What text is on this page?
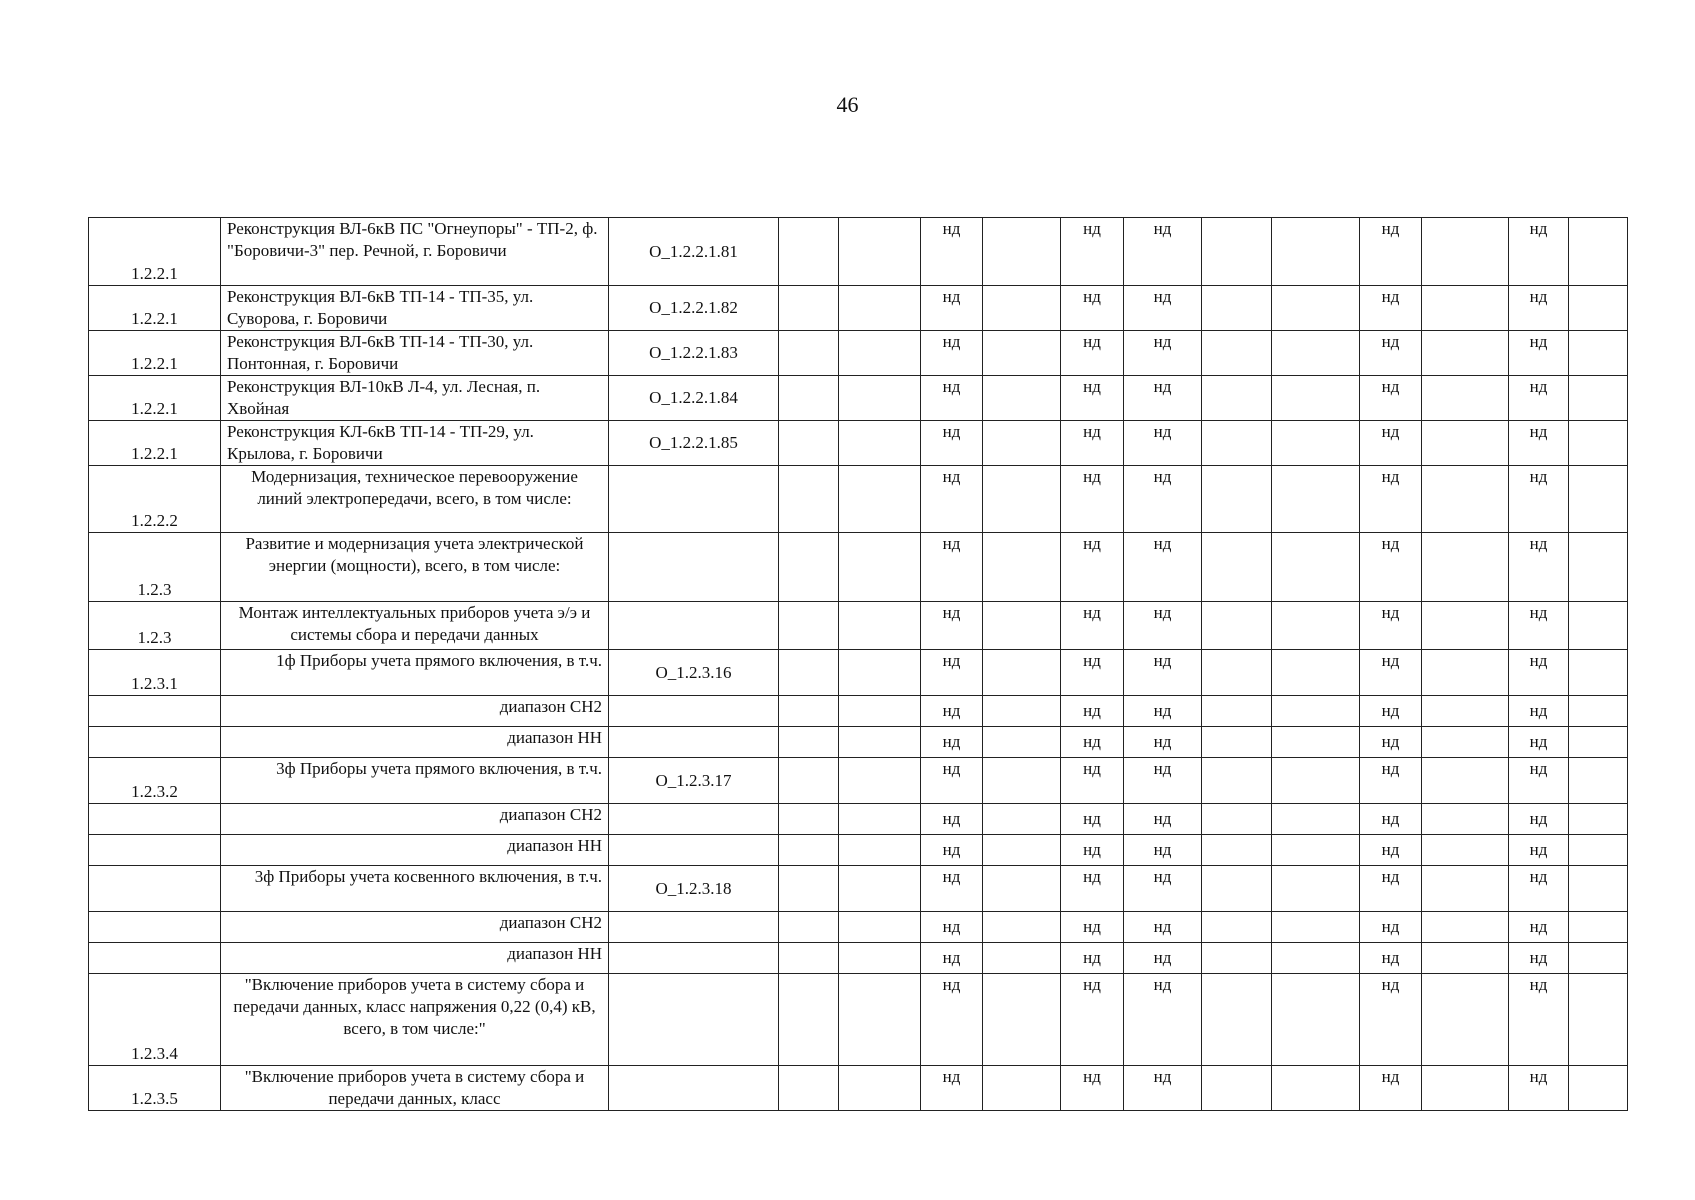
46
1.2.2.1	Реконструкция ВЛ-6кВ ПС "Огнеупоры" - ТП-2, ф. "Боровичи-3" пер. Речной, г. Боровичи	О_1.2.2.1.81			нд		нд	нд			нд		нд	
1.2.2.1	Реконструкция ВЛ-6кВ ТП-14 - ТП-35, ул. Суворова, г. Боровичи	О_1.2.2.1.82			нд		нд	нд			нд		нд	
1.2.2.1	Реконструкция ВЛ-6кВ ТП-14 - ТП-30, ул. Понтонная, г. Боровичи	О_1.2.2.1.83			нд		нд	нд			нд		нд	
1.2.2.1	Реконструкция ВЛ-10кВ Л-4, ул. Лесная, п. Хвойная	О_1.2.2.1.84			нд		нд	нд			нд		нд	
1.2.2.1	Реконструкция КЛ-6кВ ТП-14 - ТП-29, ул. Крылова, г. Боровичи	О_1.2.2.1.85			нд		нд	нд			нд		нд	
1.2.2.2	Модернизация, техническое перевооружение линий электропередачи, всего, в том числе:				нд		нд	нд			нд		нд	
1.2.3	Развитие и модернизация учета электрической энергии (мощности), всего, в том числе:				нд		нд	нд			нд		нд	
1.2.3	Монтаж интеллектуальных приборов учета э/э и системы сбора и передачи данных				нд		нд	нд			нд		нд	
1.2.3.1	1ф Приборы учета прямого включения, в т.ч.	О_1.2.3.16			нд		нд	нд			нд		нд	
	диапазон СН2				нд		нд	нд			нд		нд	
	диапазон НН				нд		нд	нд			нд		нд	
1.2.3.2	3ф Приборы учета прямого включения, в т.ч.	О_1.2.3.17			нд		нд	нд			нд		нд	
	диапазон СН2				нд		нд	нд			нд		нд	
	диапазон НН				нд		нд	нд			нд		нд	
	3ф Приборы учета косвенного включения, в т.ч.	О_1.2.3.18			нд		нд	нд			нд		нд	
	диапазон СН2				нд		нд	нд			нд		нд	
	диапазон НН				нд		нд	нд			нд		нд	
1.2.3.4	"Включение приборов учета в систему сбора и передачи данных, класс напряжения 0,22 (0,4) кВ, всего, в том числе:"				нд		нд	нд			нд		нд	
1.2.3.5	"Включение приборов учета в систему сбора и передачи данных, класс				нд		нд	нд			нд		нд	
